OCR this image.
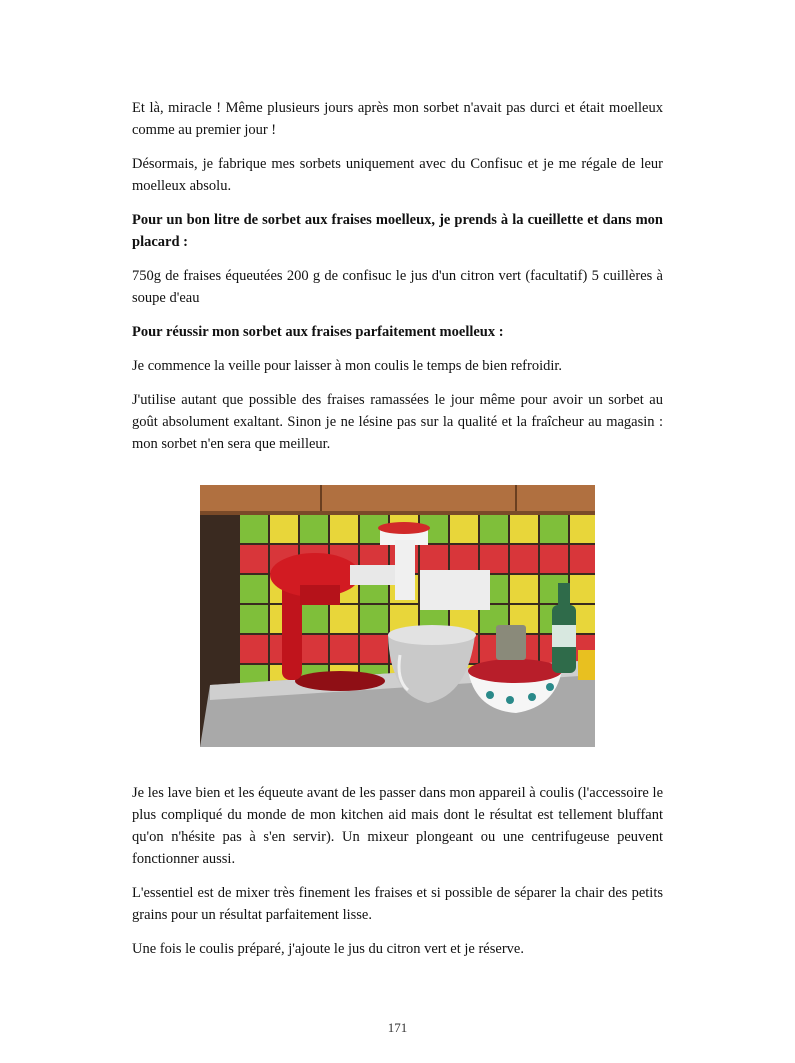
Et là, miracle ! Même plusieurs jours après mon sorbet n'avait pas durci et était moelleux comme au premier jour !

Désormais, je fabrique mes sorbets uniquement avec du Confisuc et je me régale de leur moelleux absolu.

Pour un bon litre de sorbet aux fraises moelleux, je prends à la cueillette et dans mon placard :

750g de fraises équeutées 200 g de confisuc le jus d'un citron vert (facultatif) 5 cuillères à soupe d'eau

Pour réussir mon sorbet aux fraises parfaitement moelleux :

Je commence la veille pour laisser à mon coulis le temps de bien refroidir.

J'utilise autant que possible des fraises ramassées le jour même pour avoir un sorbet au goût absolument exaltant. Sinon je ne lésine pas sur la qualité et la fraîcheur au magasin : mon sorbet n'en sera que meilleur.

Je les lave bien et les équeute avant de les passer dans mon appareil à coulis (l'accessoire le plus compliqué du monde de mon kitchen aid mais dont le résultat est tellement bluffant qu'on n'hésite pas à s'en servir). Un mixeur plongeant ou une centrifugeuse peuvent fonctionner aussi.

L'essentiel est de mixer très finement les fraises et si possible de séparer la chair des petits grains pour un résultat parfaitement lisse.

Une fois le coulis préparé, j'ajoute le jus du citron vert et je réserve.

171
